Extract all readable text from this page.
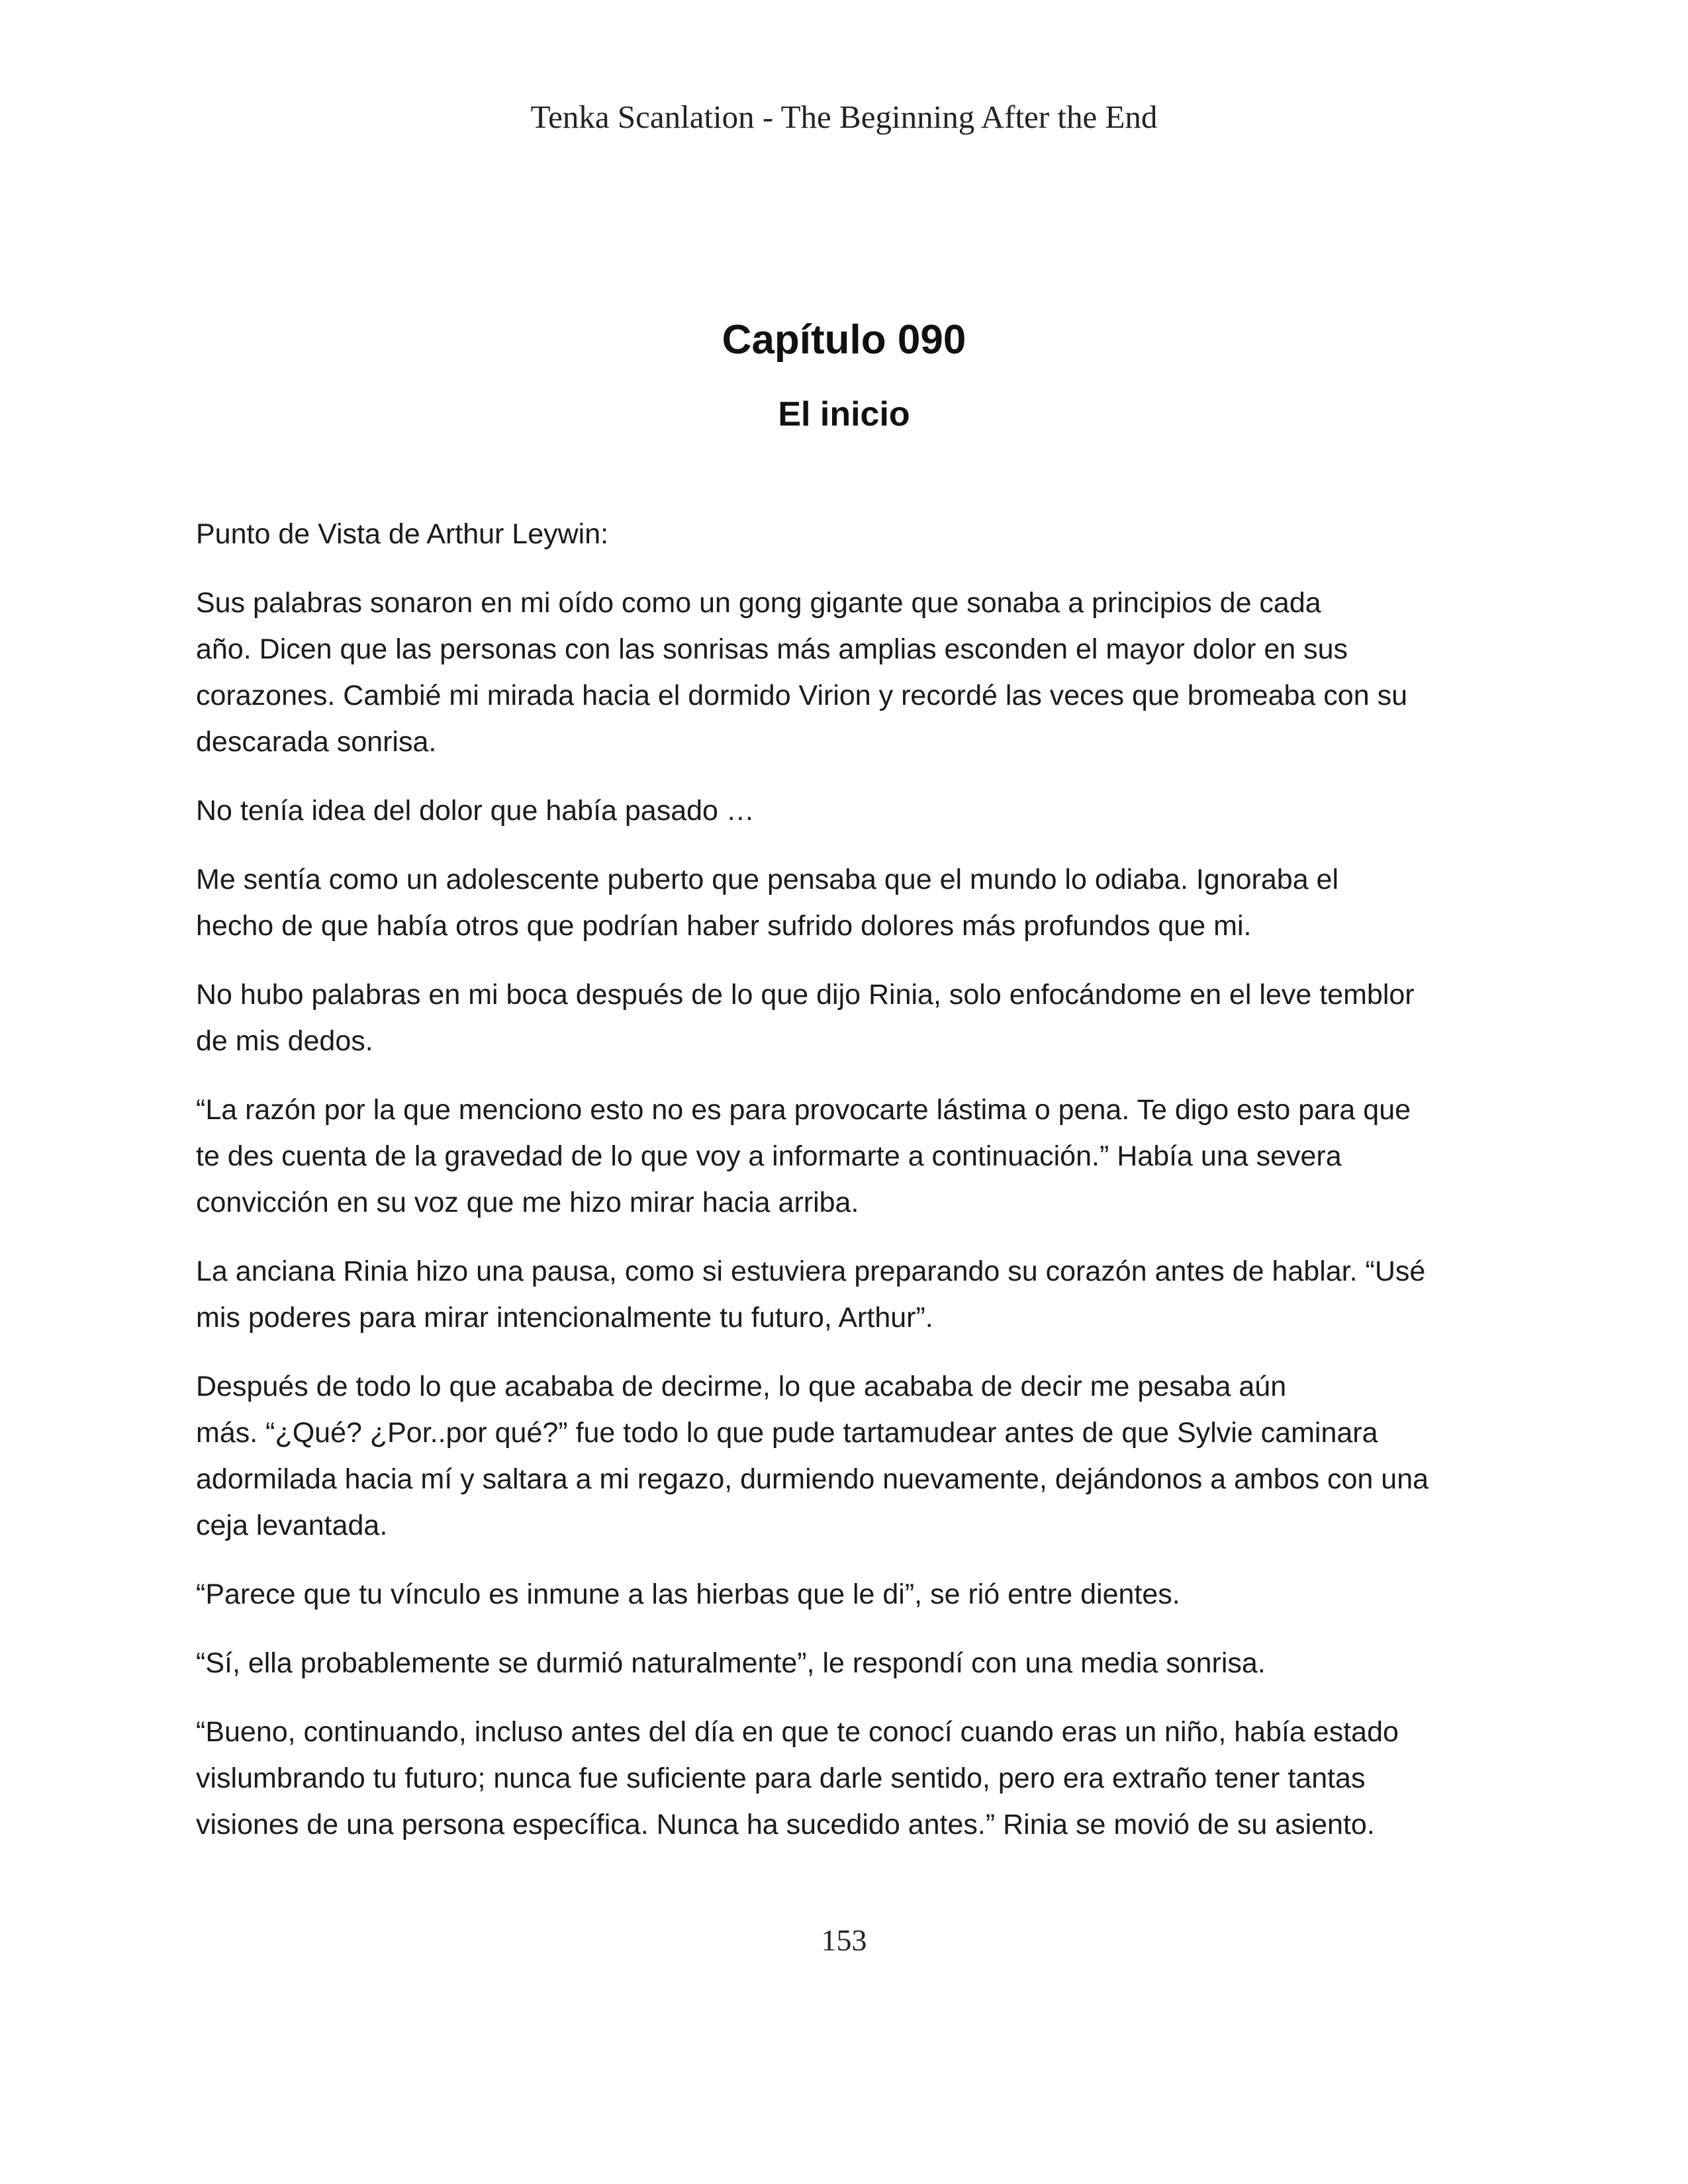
Tenka Scanlation - The Beginning After the End
Capítulo 090
El inicio

Punto de Vista de Arthur Leywin:

Sus palabras sonaron en mi oído como un gong gigante que sonaba a principios de cada
año. Dicen que las personas con las sonrisas más amplias esconden el mayor dolor en sus
corazones. Cambié mi mirada hacia el dormido Virion y recordé las veces que bromeaba con su
descarada sonrisa.

No tenía idea del dolor que había pasado …

Me sentía como un adolescente puberto que pensaba que el mundo lo odiaba. Ignoraba el
hecho de que había otros que podrían haber sufrido dolores más profundos que mi.

No hubo palabras en mi boca después de lo que dijo Rinia, solo enfocándome en el leve temblor
de mis dedos.

“La razón por la que menciono esto no es para provocarte lástima o pena. Te digo esto para que
te des cuenta de la gravedad de lo que voy a informarte a continuación.” Había una severa
convicción en su voz que me hizo mirar hacia arriba.

La anciana Rinia hizo una pausa, como si estuviera preparando su corazón antes de hablar. “Usé
mis poderes para mirar intencionalmente tu futuro, Arthur”.

Después de todo lo que acababa de decirme, lo que acababa de decir me pesaba aún
más. “¿Qué? ¿Por..por qué?” fue todo lo que pude tartamudear antes de que Sylvie caminara
adormilada hacia mí y saltara a mi regazo, durmiendo nuevamente, dejándonos a ambos con una
ceja levantada.

“Parece que tu vínculo es inmune a las hierbas que le di”, se rió entre dientes.

“Sí, ella probablemente se durmió naturalmente”, le respondí con una media sonrisa.

“Bueno, continuando, incluso antes del día en que te conocí cuando eras un niño, había estado
vislumbrando tu futuro; nunca fue suficiente para darle sentido, pero era extraño tener tantas
visiones de una persona específica. Nunca ha sucedido antes.” Rinia se movió de su asiento.

153
